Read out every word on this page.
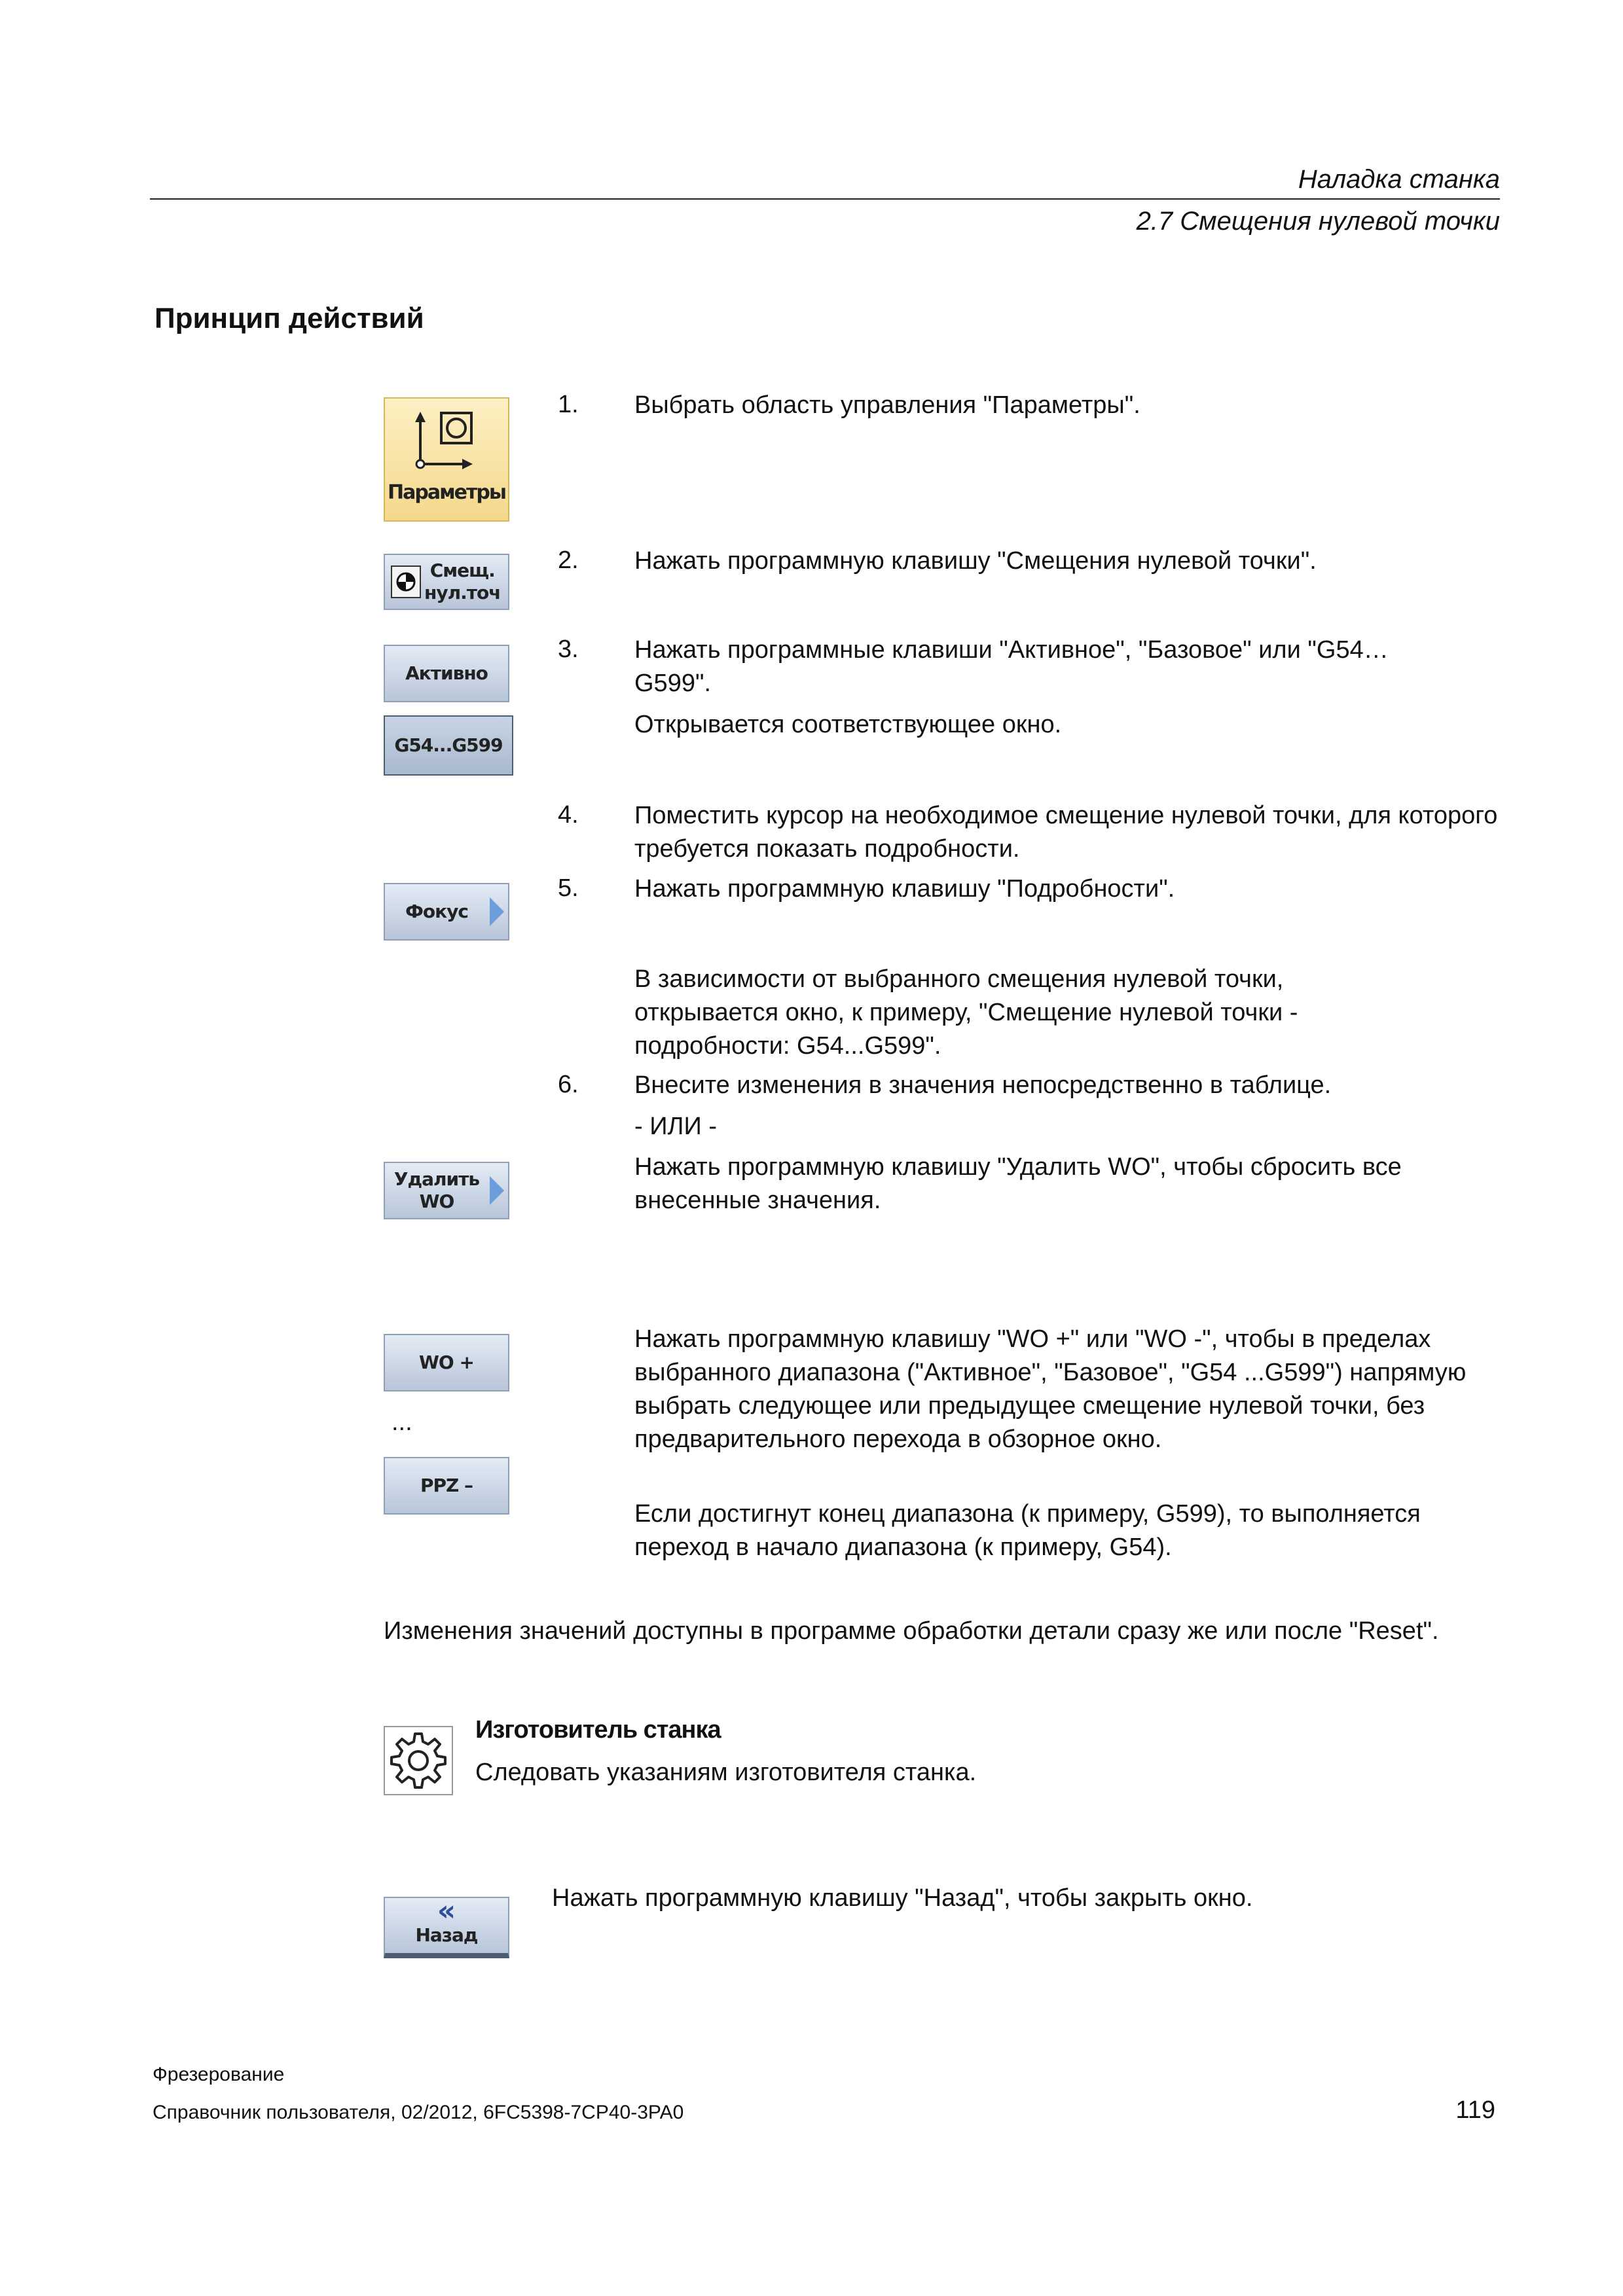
Наладка станка
2.7 Смещения нулевой точки
Принцип действий
Параметры
Смещ.
нул.точ
Активно
G54...G599
Фокус
Удалить
WO
WO +
...
PPZ –
«
Назад
1. Выбрать область управления "Параметры".
2. Нажать программную клавишу "Смещения нулевой точки".
3. Нажать программные клавиши "Активное", "Базовое" или "G54…G599".
Открывается соответствующее окно.
4. Поместить курсор на необходимое смещение нулевой точки, для которого требуется показать подробности.
5. Нажать программную клавишу "Подробности".
В зависимости от выбранного смещения нулевой точки, открывается окно, к примеру, "Смещение нулевой точки - подробности: G54...G599".
6. Внесите изменения в значения непосредственно в таблице.
- ИЛИ -
Нажать программную клавишу "Удалить WO", чтобы сбросить все внесенные значения.
Нажать программную клавишу "WO +" или "WO -", чтобы в пределах выбранного диапазона ("Активное", "Базовое", "G54 ...G599") напрямую выбрать следующее или предыдущее смещение нулевой точки, без предварительного перехода в обзорное окно.
Если достигнут конец диапазона (к примеру, G599), то выполняется переход в начало диапазона (к примеру, G54).
Изменения значений доступны в программе обработки детали сразу же или после "Reset".
Изготовитель станка
Следовать указаниям изготовителя станка.
Нажать программную клавишу "Назад", чтобы закрыть окно.
Фрезерование
Справочник пользователя, 02/2012, 6FC5398-7CP40-3PA0	119
